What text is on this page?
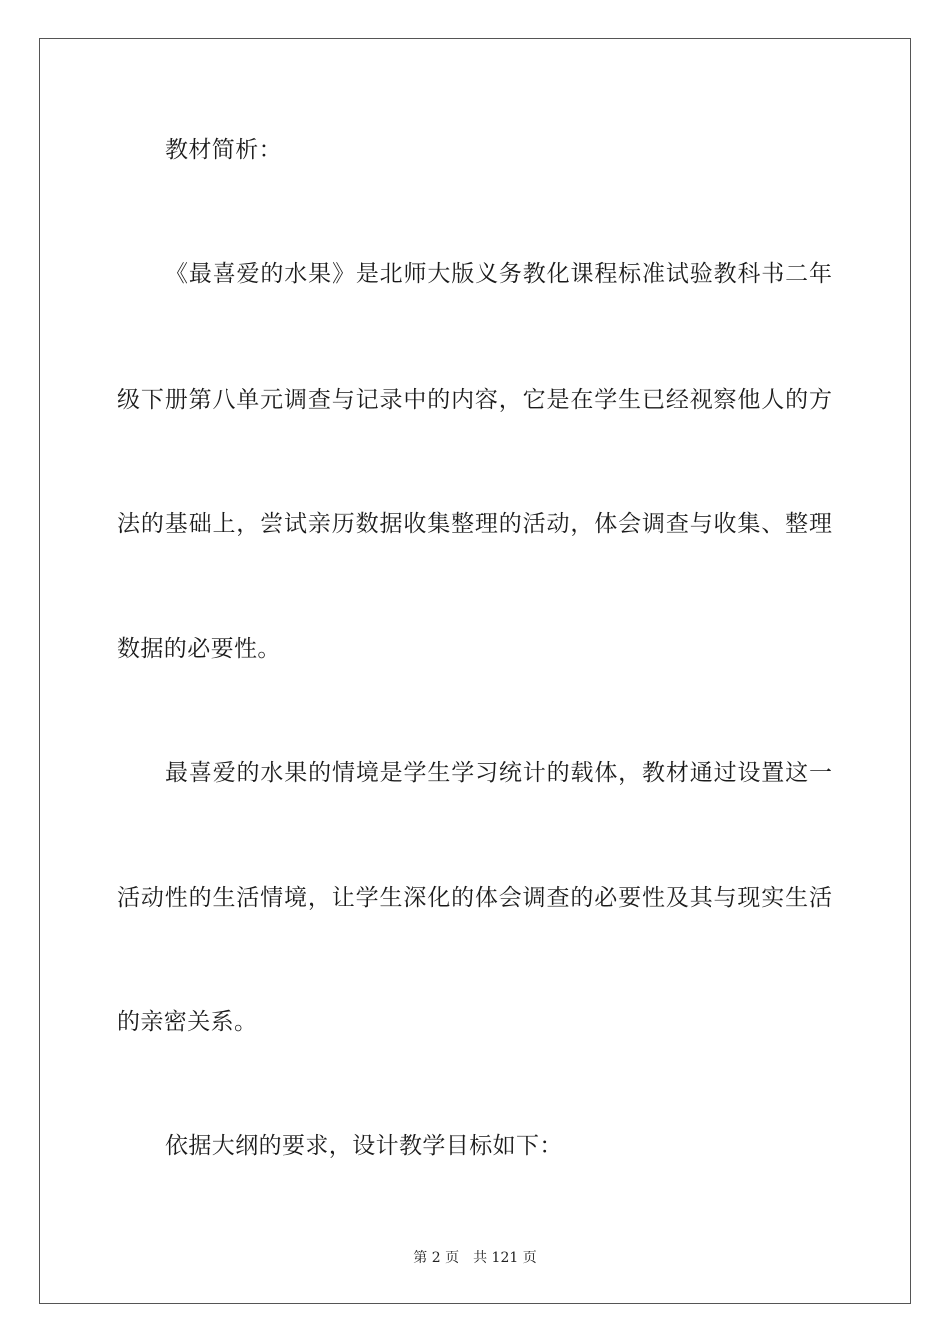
教材简析：
《最喜爱的水果》是北师大版义务教化课程标准试验教科书二年
级下册第八单元调查与记录中的内容，它是在学生已经视察他人的方
法的基础上，尝试亲历数据收集整理的活动，体会调查与收集、整理
数据的必要性。
最喜爱的水果的情境是学生学习统计的载体，教材通过设置这一
活动性的生活情境，让学生深化的体会调查的必要性及其与现实生活
的亲密关系。
依据大纲的要求，设计教学目标如下：
第 2 页　共 121 页
